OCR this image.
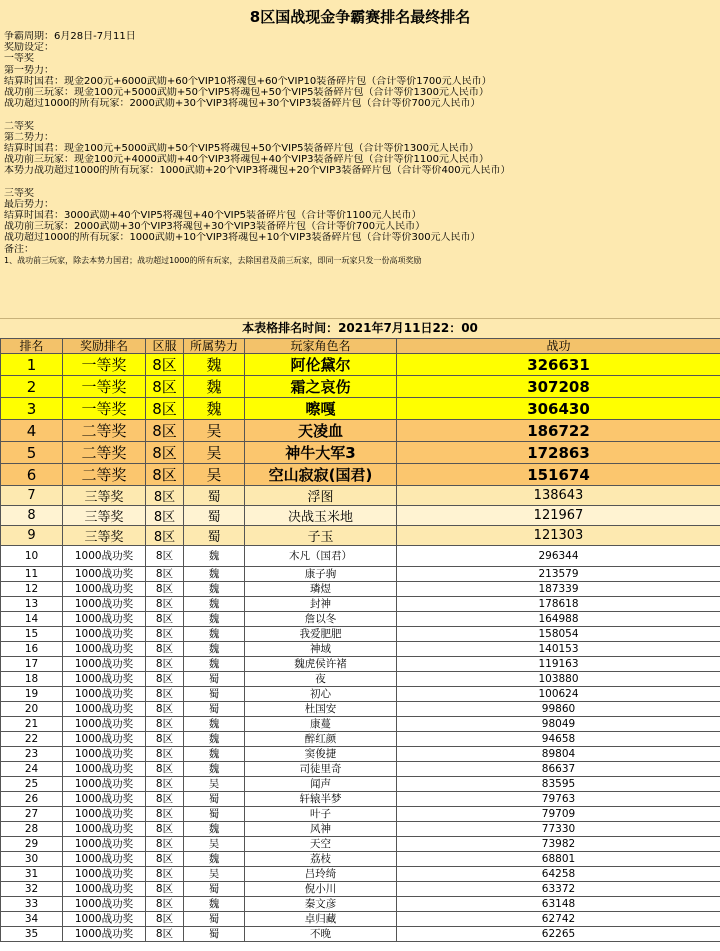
8区国战现金争霸赛排名最终排名
争霸周期：6月28日-7月11日
奖励设定：
一等奖
第一势力：
结算时国君：现金200元+6000武勋+60个VIP10将魂包+60个VIP10装备碎片包（合计等价1700元人民币）
战功前三玩家：现金100元+5000武勋+50个VIP5将魂包+50个VIP5装备碎片包（合计等价1300元人民币）
战功超过1000的所有玩家：2000武勋+30个VIP3将魂包+30个VIP3装备碎片包（合计等价700元人民币）
二等奖
第二势力：
结算时国君：现金100元+5000武勋+50个VIP5将魂包+50个VIP5装备碎片包（合计等价1300元人民币）
战功前三玩家：现金100元+4000武勋+40个VIP3将魂包+40个VIP3装备碎片包（合计等价1100元人民币）
本势力战功超过1000的所有玩家：1000武勋+20个VIP3将魂包+20个VIP3装备碎片包（合计等价400元人民币）
三等奖
最后势力：
结算时国君：3000武勋+40个VIP5将魂包+40个VIP5装备碎片包（合计等价1100元人民币）
战功前三玩家：2000武勋+30个VIP3将魂包+30个VIP3装备碎片包（合计等价700元人民币）
战功超过1000的所有玩家：1000武勋+10个VIP3将魂包+10个VIP3装备碎片包（合计等价300元人民币）
备注：
1、战功前三玩家，除去本势力国君；战功超过1000的所有玩家，去除国君及前三玩家，即同一玩家只发一份高项奖励
本表格排名时间：2021年7月11日22：00
排名	奖励排名	区服	所属势力	玩家角色名	战功
1	一等奖	8区	魏	阿伦黛尔	326631
2	一等奖	8区	魏	霜之哀伤	307208
3	一等奖	8区	魏	嚓嘎	306430
4	二等奖	8区	吴	天凌血	186722
5	二等奖	8区	吴	神牛大军3	172863
6	二等奖	8区	吴	空山寂寂(国君)	151674
7	三等奖	8区	蜀	浮图	138643
8	三等奖	8区	蜀	决战玉米地	121967
9	三等奖	8区	蜀	子玉	121303
10	1000战功奖	8区	魏	木凡（国君）	296344
11	1000战功奖	8区	魏	康子驹	213579
12	1000战功奖	8区	魏	璘煜	187339
13	1000战功奖	8区	魏	封神	178618
14	1000战功奖	8区	魏	詹以冬	164988
15	1000战功奖	8区	魏	我爱肥肥	158054
16	1000战功奖	8区	魏	神域	140153
17	1000战功奖	8区	魏	魏虎侯许褚	119163
18	1000战功奖	8区	蜀	夜	103880
19	1000战功奖	8区	蜀	初心	100624
20	1000战功奖	8区	蜀	杜国安	99860
21	1000战功奖	8区	魏	康蔓	98049
22	1000战功奖	8区	魏	醉红颜	94658
23	1000战功奖	8区	魏	窦俊捷	89804
24	1000战功奖	8区	魏	司徒里奇	86637
25	1000战功奖	8区	吴	闻声	83595
26	1000战功奖	8区	蜀	轩辕半梦	79763
27	1000战功奖	8区	蜀	叶子	79709
28	1000战功奖	8区	魏	风神	77330
29	1000战功奖	8区	吴	天空	73982
30	1000战功奖	8区	魏	荔枝	68801
31	1000战功奖	8区	吴	吕玲绮	64258
32	1000战功奖	8区	蜀	倪小川	63372
33	1000战功奖	8区	魏	秦文彦	63148
34	1000战功奖	8区	蜀	卓归藏	62742
35	1000战功奖	8区	蜀	不晚	62265
